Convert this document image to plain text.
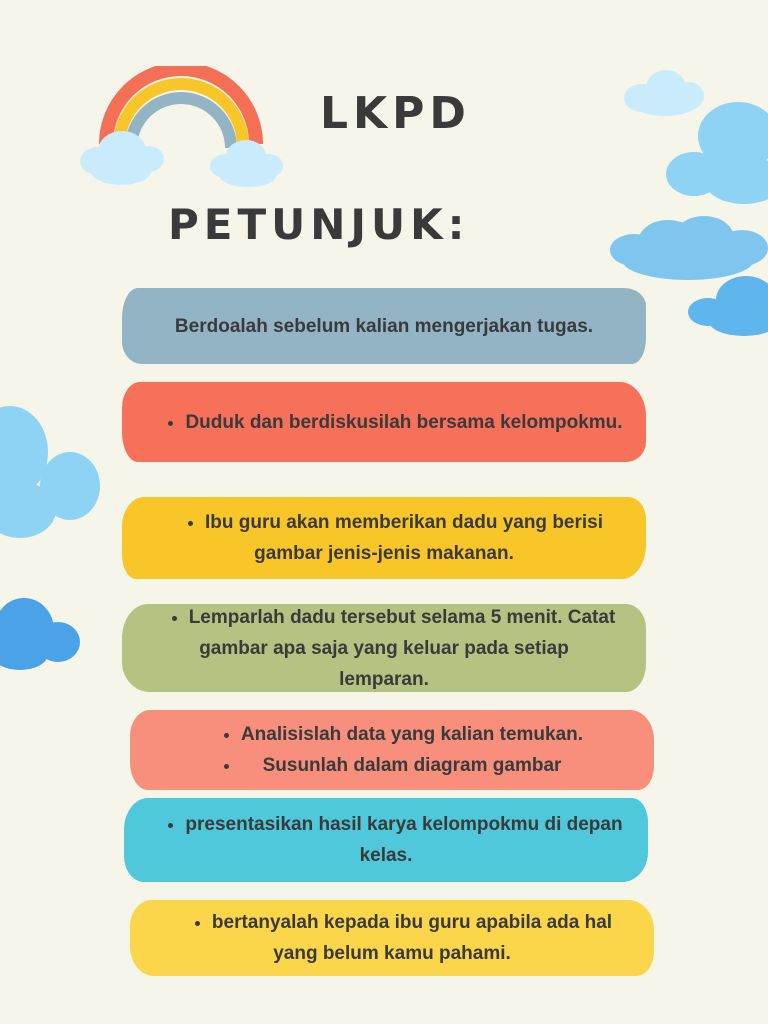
LKPD
PETUNJUK:

Berdoalah sebelum kalian mengerjakan tugas.

• Duduk dan berdiskusilah bersama kelompokmu.
• Ibu guru akan memberikan dadu yang berisi

gambar jenis-jenis makanan.

• Lemparlah dadu tersebut selama 5 menit. Catat

gambar apa saja yang keluar pada setiap

lemparan.

• Analisislah data yang kalian temukan.
• Susunlah dalam diagram gambar
• presentasikan hasil karya kelompokmu di depan

kelas.

• bertanyalah kepada ibu guru apabila ada hal

yang belum kamu pahami.
